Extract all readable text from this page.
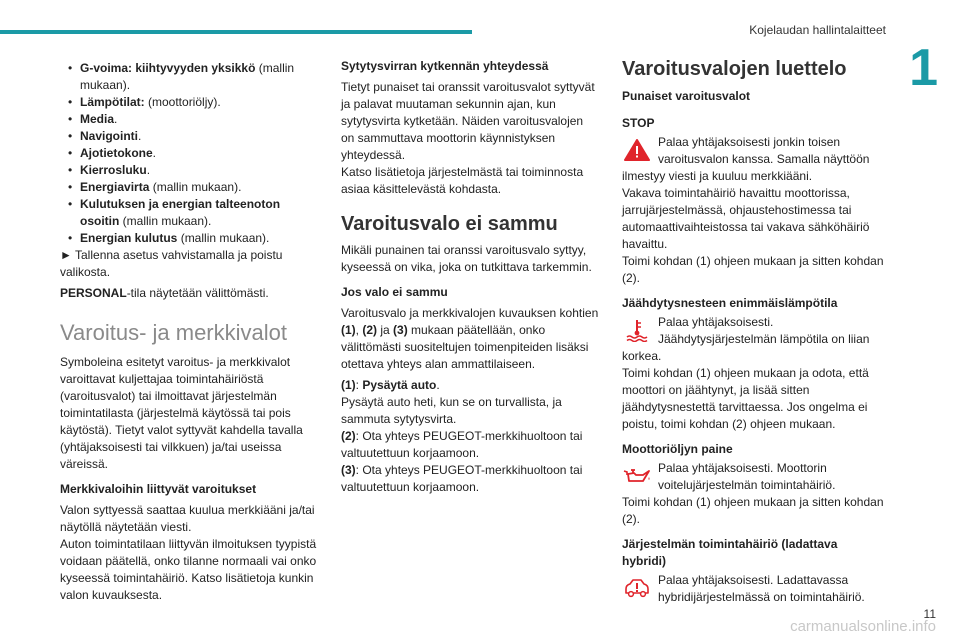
Kojelaudan hallintalaitteet
1
• G-voima: kiihtyvyyden yksikkö (mallin mukaan).
• Lämpötilat: (moottoriöljy).
• Media.
• Navigointi.
• Ajotietokone.
• Kierrosluku.
• Energiavirta (mallin mukaan).
• Kulutuksen ja energian talteenoton osoitin (mallin mukaan).
• Energian kulutus (mallin mukaan).

► Tallenna asetus vahvistamalla ja poistu valikosta.

PERSONAL-tila näytetään välittömästi.

Varoitus- ja merkkivalot

Symboleina esitetyt varoitus- ja merkkivalot varoittavat kuljettajaa toimintahäiriöstä (varoitusvalot) tai ilmoittavat järjestelmän toimintatilasta (järjestelmä käytössä tai pois käytöstä). Tietyt valot syttyvät kahdella tavalla (yhtäjaksoisesti tai vilkkuen) ja/tai useissa väreissä.

Merkkivaloihin liittyvät varoitukset

Valon syttyessä saattaa kuulua merkkiääni ja/tai näytöllä näytetään viesti.
Auton toimintatilaan liittyvän ilmoituksen tyypistä voidaan päätellä, onko tilanne normaali vai onko kyseessä toimintahäiriö. Katso lisätietoja kunkin valon kuvauksesta.

Sytytysvirran kytkennän yhteydessä

Tietyt punaiset tai oranssit varoitusvalot syttyvät ja palavat muutaman sekunnin ajan, kun sytytysvirta kytketään. Näiden varoitusvalojen on sammuttava moottorin käynnistyksen yhteydessä.
Katso lisätietoja järjestelmästä tai toiminnosta asiaa käsittelevästä kohdasta.

Varoitusvalo ei sammu

Mikäli punainen tai oranssi varoitusvalo syttyy, kyseessä on vika, joka on tutkittava tarkemmin.

Jos valo ei sammu

Varoitusvalo ja merkkivalojen kuvauksen kohtien (1), (2) ja (3) mukaan päätellään, onko välittömästi suositeltujen toimenpiteiden lisäksi otettava yhteys alan ammattilaiseen.

(1): Pysäytä auto.
Pysäytä auto heti, kun se on turvallista, ja sammuta sytytysvirta.
(2): Ota yhteys PEUGEOT-merkkihuoltoon tai valtuutettuun korjaamoon.
(3): Ota yhteys PEUGEOT-merkkihuoltoon tai valtuutettuun korjaamoon.

Varoitusvalojen luettelo
Punaiset varoitusvalot
STOP
Palaa yhtäjaksoisesti jonkin toisen varoitusvalon kanssa. Samalla näyttöön ilmestyy viesti ja kuuluu merkkiääni.
Vakava toimintahäiriö havaittu moottorissa, jarrujärjestelmässä, ohjaustehostimessa tai automaattivaihteistossa tai vakava sähköhäiriö havaittu.
Toimi kohdan (1) ohjeen mukaan ja sitten kohdan (2).
Jäähdytysnesteen enimmäislämpötila
Palaa yhtäjaksoisesti. Jäähdytysjärjestelmän lämpötila on liian korkea.
Toimi kohdan (1) ohjeen mukaan ja odota, että moottori on jäähtynyt, ja lisää sitten jäähdytysnestettä tarvittaessa. Jos ongelma ei poistu, toimi kohdan (2) ohjeen mukaan.
Moottoriöljyn paine
Palaa yhtäjaksoisesti. Moottorin voitelujärjestelmän toimintahäiriö.
Toimi kohdan (1) ohjeen mukaan ja sitten kohdan (2).
Järjestelmän toimintahäiriö (ladattava hybridi)
Palaa yhtäjaksoisesti. Ladattavassa hybridijärjestelmässä on toimintahäiriö.
11
carmanualsonline.info
